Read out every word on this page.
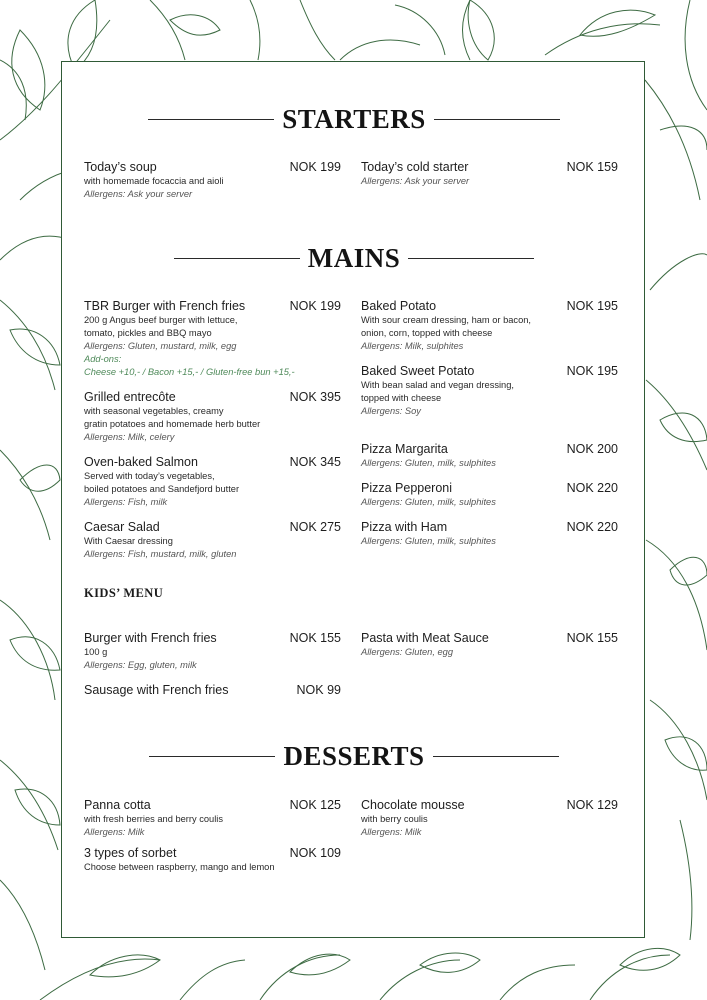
STARTERS
Today’s soup	NOK 199
with homemade focaccia and aioli
Allergens: Ask your server
Today’s cold starter	NOK 159
Allergens: Ask your server
MAINS
TBR Burger with French fries	NOK 199
200 g Angus beef burger with lettuce,
tomato, pickles and BBQ mayo
Allergens: Gluten, mustard, milk, egg
Add-ons:
Cheese +10,- / Bacon +15,- / Gluten-free bun +15,-
Grilled entrecôte	NOK 395
with seasonal vegetables, creamy
gratin potatoes and homemade herb butter
Allergens: Milk, celery
Oven-baked Salmon	NOK 345
Served with today’s vegetables,
boiled potatoes and Sandefjord butter
Allergens: Fish, milk
Caesar Salad	NOK 275
With Caesar dressing
Allergens: Fish, mustard, milk, gluten
Baked Potato	NOK 195
With sour cream dressing, ham or bacon,
onion, corn, topped with cheese
Allergens: Milk, sulphites
Baked Sweet Potato	NOK 195
With bean salad and vegan dressing,
topped with cheese
Allergens: Soy
Pizza Margarita	NOK 200
Allergens: Gluten, milk, sulphites
Pizza Pepperoni	NOK 220
Allergens: Gluten, milk, sulphites
Pizza with Ham	NOK 220
Allergens: Gluten, milk, sulphites
KIDS’ MENU
Burger with French fries	NOK 155
100 g
Allergens: Egg, gluten, milk
Sausage with French fries	NOK 99
Pasta with Meat Sauce	NOK 155
Allergens: Gluten, egg
DESSERTS
Panna cotta	NOK 125
with fresh berries and berry coulis
Allergens: Milk
3 types of sorbet	NOK 109
Choose between raspberry, mango and lemon
Chocolate mousse	NOK 129
with berry coulis
Allergens: Milk
